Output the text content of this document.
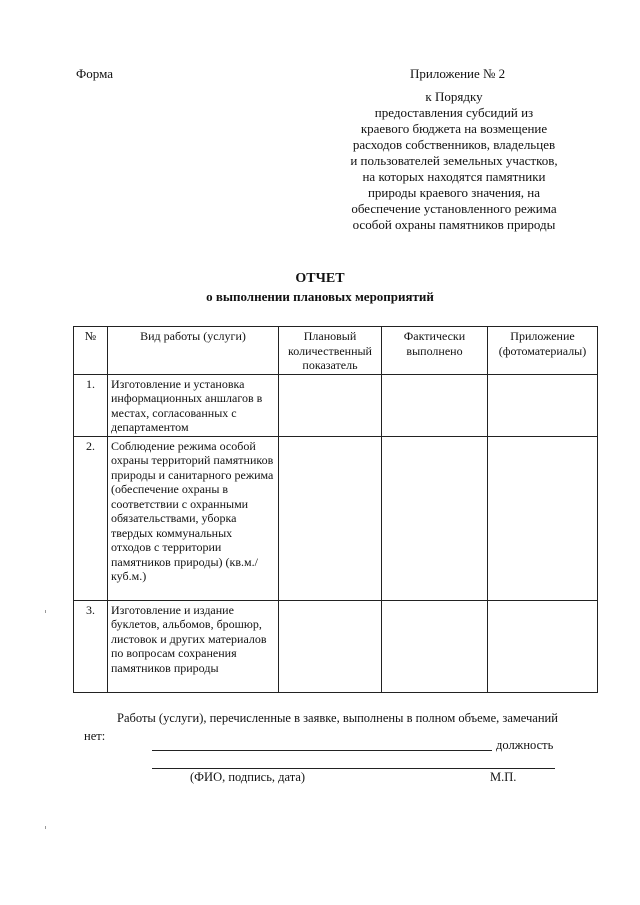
Форма	Приложение № 2
к Порядку
предоставления субсидий из
краевого бюджета на возмещение
расходов собственников, владельцев
и пользователей земельных участков,
на которых находятся памятники
природы краевого значения, на
обеспечение установленного режима
особой охраны памятников природы
ОТЧЕТ
о выполнении плановых мероприятий
№	Вид работы (услуги)	Плановый количественный показатель	Фактически выполнено	Приложение (фотоматериалы)
1.	Изготовление и установка информационных аншлагов в местах, согласованных с департаментом			
2.	Соблюдение режима особой охраны территорий памятников природы и санитарного режима (обеспечение охраны в соответствии с охранными обязательствами, уборка твердых коммунальных отходов с территории памятников природы) (кв.м./куб.м.)			
3.	Изготовление и издание буклетов, альбомов, брошюр, листовок и других материалов по вопросам сохранения памятников природы			
Работы (услуги), перечисленные в заявке, выполнены в полном объеме, замечаний
нет:
должность
(ФИО, подпись, дата)	М.П.
